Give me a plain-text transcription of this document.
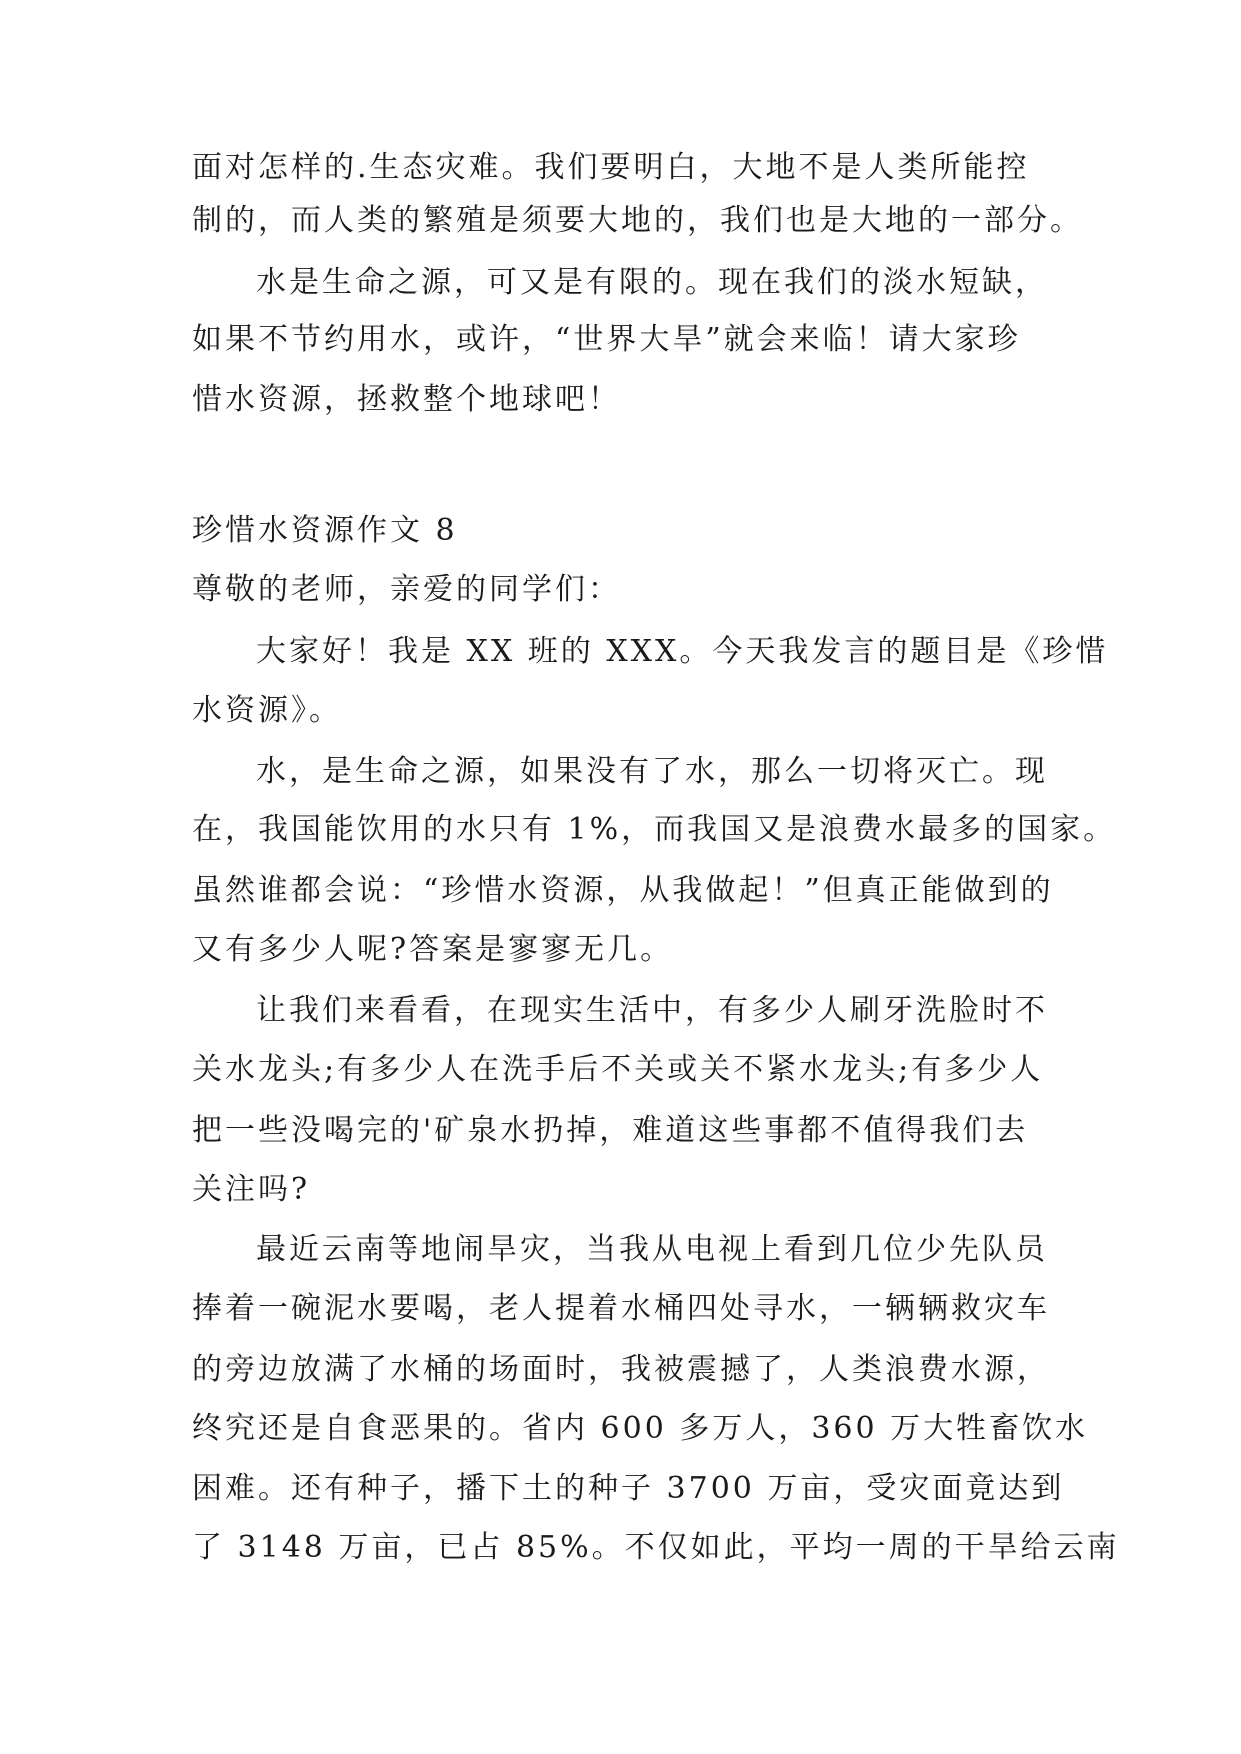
面对怎样的.生态灾难。我们要明白，大地不是人类所能控
制的，而人类的繁殖是须要大地的，我们也是大地的一部分。
水是生命之源，可又是有限的。现在我们的淡水短缺，
如果不节约用水，或许，“世界大旱”就会来临！请大家珍
惜水资源，拯救整个地球吧！
珍惜水资源作文 8
尊敬的老师，亲爱的同学们：
大家好！我是 XX 班的 XXX。今天我发言的题目是《珍惜
水资源》。
水，是生命之源，如果没有了水，那么一切将灭亡。现
在，我国能饮用的水只有 1%，而我国又是浪费水最多的国家。
虽然谁都会说：“珍惜水资源，从我做起！”但真正能做到的
又有多少人呢?答案是寥寥无几。
让我们来看看，在现实生活中，有多少人刷牙洗脸时不
关水龙头;有多少人在洗手后不关或关不紧水龙头;有多少人
把一些没喝完的'矿泉水扔掉，难道这些事都不值得我们去
关注吗?
最近云南等地闹旱灾，当我从电视上看到几位少先队员
捧着一碗泥水要喝，老人提着水桶四处寻水，一辆辆救灾车
的旁边放满了水桶的场面时，我被震撼了，人类浪费水源，
终究还是自食恶果的。省内 600 多万人，360 万大牲畜饮水
困难。还有种子，播下土的种子 3700 万亩，受灾面竟达到
了 3148 万亩，已占 85%。不仅如此，平均一周的干旱给云南
